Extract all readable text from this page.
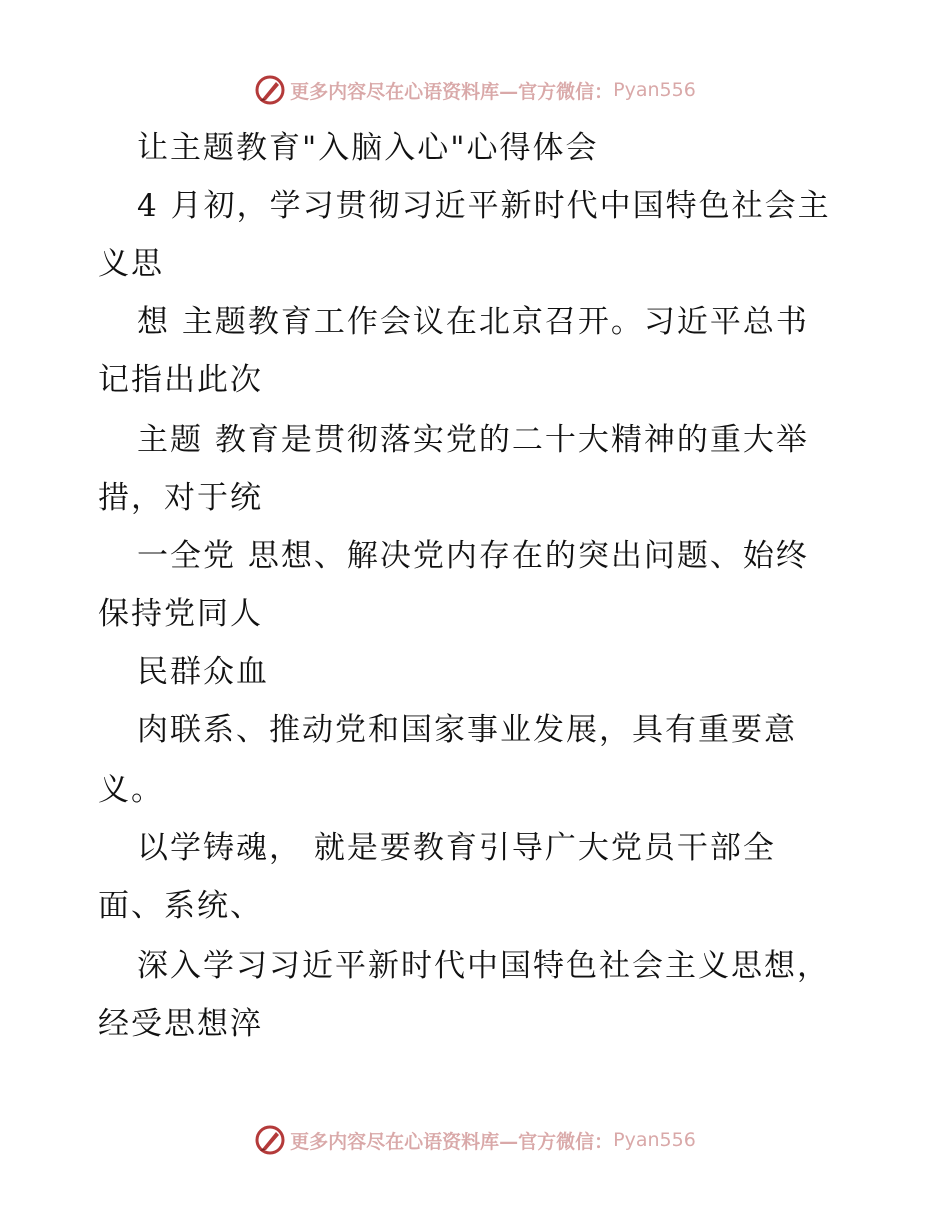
更多内容尽在心语资料库—官方微信： Pyan556
让主题教育"入脑入心"心得体会
4 月初，学习贯彻习近平新时代中国特色社会主
义思
想 主题教育工作会议在北京召开。习近平总书
记指出此次
主题 教育是贯彻落实党的二十大精神的重大举
措，对于统
一全党 思想、解决党内存在的突出问题、始终
保持党同人
民群众血
肉联系、推动党和国家事业发展，具有重要意
义。
以学铸魂， 就是要教育引导广大党员干部全
面、系统、
深入学习习近平新时代中国特色社会主义思想，
经受思想淬
更多内容尽在心语资料库—官方微信： Pyan556
